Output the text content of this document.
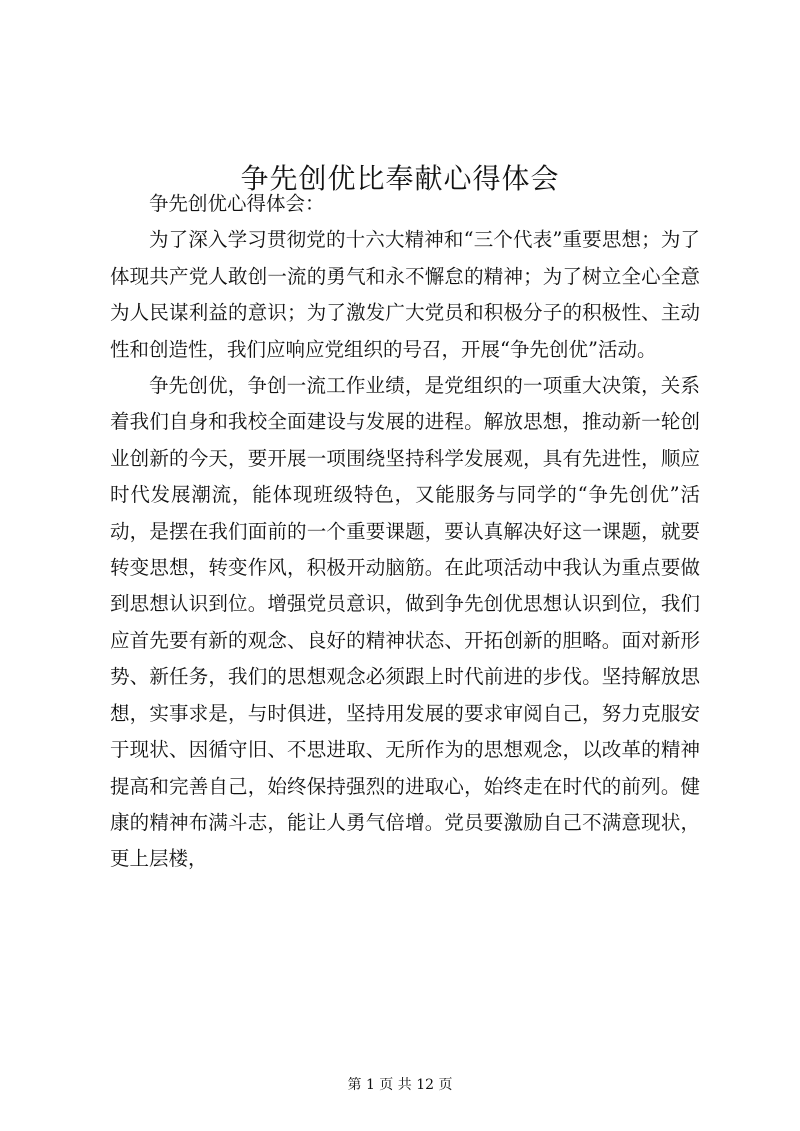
争先创优比奉献心得体会

争先创优心得体会：

为了深入学习贯彻党的十六大精神和“三个代表”重要思想；为了体现共产党人敢创一流的勇气和永不懈怠的精神；为了树立全心全意为人民谋利益的意识；为了激发广大党员和积极分子的积极性、主动性和创造性，我们应响应党组织的号召，开展“争先创优”活动。

争先创优，争创一流工作业绩，是党组织的一项重大决策，关系着我们自身和我校全面建设与发展的进程。解放思想，推动新一轮创业创新的今天，要开展一项围绕坚持科学发展观，具有先进性，顺应时代发展潮流，能体现班级特色，又能服务与同学的“争先创优”活动，是摆在我们面前的一个重要课题，要认真解决好这一课题，就要转变思想，转变作风，积极开动脑筋。在此项活动中我认为重点要做到思想认识到位。增强党员意识，做到争先创优思想认识到位，我们应首先要有新的观念、良好的精神状态、开拓创新的胆略。面对新形势、新任务，我们的思想观念必须跟上时代前进的步伐。坚持解放思想，实事求是，与时俱进，坚持用发展的要求审阅自己，努力克服安于现状、因循守旧、不思进取、无所作为的思想观念，以改革的精神提高和完善自己，始终保持强烈的进取心，始终走在时代的前列。健康的精神布满斗志，能让人勇气倍增。党员要激励自己不满意现状，更上层楼，

第 1 页 共 12 页
